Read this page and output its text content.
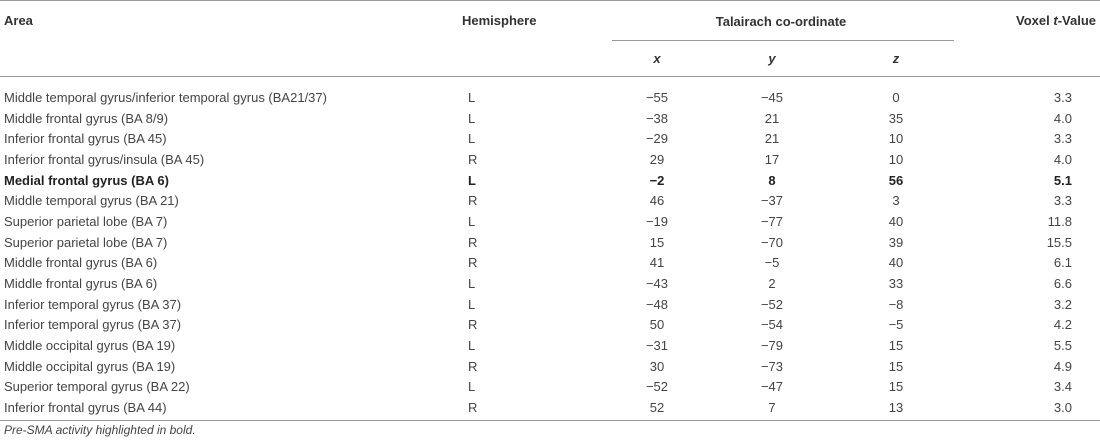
Area	Hemisphere	Talairach co-ordinate			Voxel t-Value
		x	y	z	
Middle temporal gyrus/inferior temporal gyrus (BA21/37)	L	−55	−45	0	3.3
Middle frontal gyrus (BA 8/9)	L	−38	21	35	4.0
Inferior frontal gyrus (BA 45)	L	−29	21	10	3.3
Inferior frontal gyrus/insula (BA 45)	R	29	17	10	4.0
Medial frontal gyrus (BA 6)	L	−2	8	56	5.1
Middle temporal gyrus (BA 21)	R	46	−37	3	3.3
Superior parietal lobe (BA 7)	L	−19	−77	40	11.8
Superior parietal lobe (BA 7)	R	15	−70	39	15.5
Middle frontal gyrus (BA 6)	R	41	−5	40	6.1
Middle frontal gyrus (BA 6)	L	−43	2	33	6.6
Inferior temporal gyrus (BA 37)	L	−48	−52	−8	3.2
Inferior temporal gyrus (BA 37)	R	50	−54	−5	4.2
Middle occipital gyrus (BA 19)	L	−31	−79	15	5.5
Middle occipital gyrus (BA 19)	R	30	−73	15	4.9
Superior temporal gyrus (BA 22)	L	−52	−47	15	3.4
Inferior frontal gyrus (BA 44)	R	52	7	13	3.0
Pre-SMA activity highlighted in bold.
